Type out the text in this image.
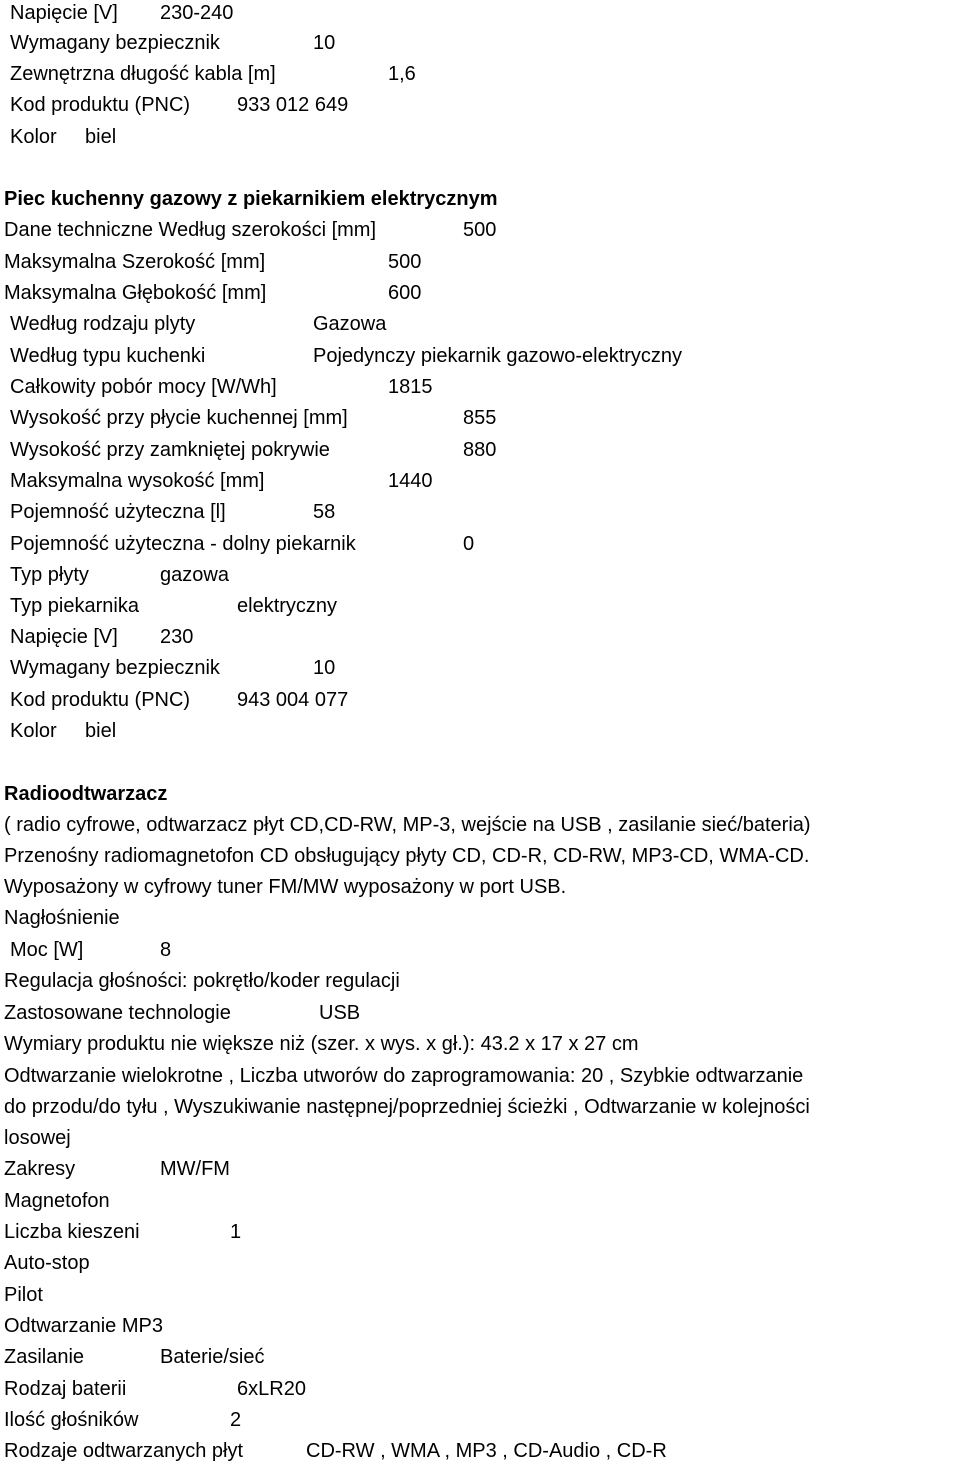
Napięcie [V] 230-240
Wymagany bezpiecznik	10
Zewnętrzna długość kabla [m]	1,6
Kod produktu (PNC) 933 012 649
Kolor biel
Piec kuchenny gazowy z piekarnikiem elektrycznym
Dane techniczne Według szerokości [mm]	500
Maksymalna Szerokość [mm]	500
Maksymalna Głębokość [mm]	600
Według rodzaju plyty	Gazowa
Według typu kuchenki	Pojedynczy piekarnik gazowo-elektryczny
Całkowity pobór mocy [W/Wh]	1815
Wysokość przy płycie kuchennej [mm]	855
Wysokość przy zamkniętej pokrywie	880
Maksymalna wysokość [mm]	1440
Pojemność użyteczna [l]	58
Pojemność użyteczna - dolny piekarnik	0
Typ płyty	gazowa
Typ piekarnika	elektryczny
Napięcie [V] 230
Wymagany bezpiecznik	10
Kod produktu (PNC) 943 004 077
Kolor biel
Radioodtwarzacz
( radio cyfrowe, odtwarzacz płyt CD,CD-RW, MP-3, wejście na USB , zasilanie sieć/bateria)
Przenośny radiomagnetofon CD obsługujący płyty CD, CD-R, CD-RW, MP3-CD, WMA-CD.
Wyposażony w cyfrowy tuner FM/MW wyposażony w port USB.
Nagłośnienie
Moc [W]	8
Regulacja głośności: pokrętło/koder regulacji
Zastosowane technologie	USB
Wymiary produktu nie większe niż (szer. x wys. x gł.): 43.2 x 17 x 27 cm
Odtwarzanie wielokrotne , Liczba utworów do zaprogramowania: 20 , Szybkie odtwarzanie
do przodu/do tyłu , Wyszukiwanie następnej/poprzedniej ścieżki , Odtwarzanie w kolejności
losowej
Zakresy	MW/FM
Magnetofon
Liczba kieszeni	1
Auto-stop
Pilot
Odtwarzanie MP3
Zasilanie	Baterie/sieć
Rodzaj baterii	6xLR20
Ilość głośników	2
Rodzaje odtwarzanych płyt	CD-RW , WMA , MP3 , CD-Audio , CD-R
